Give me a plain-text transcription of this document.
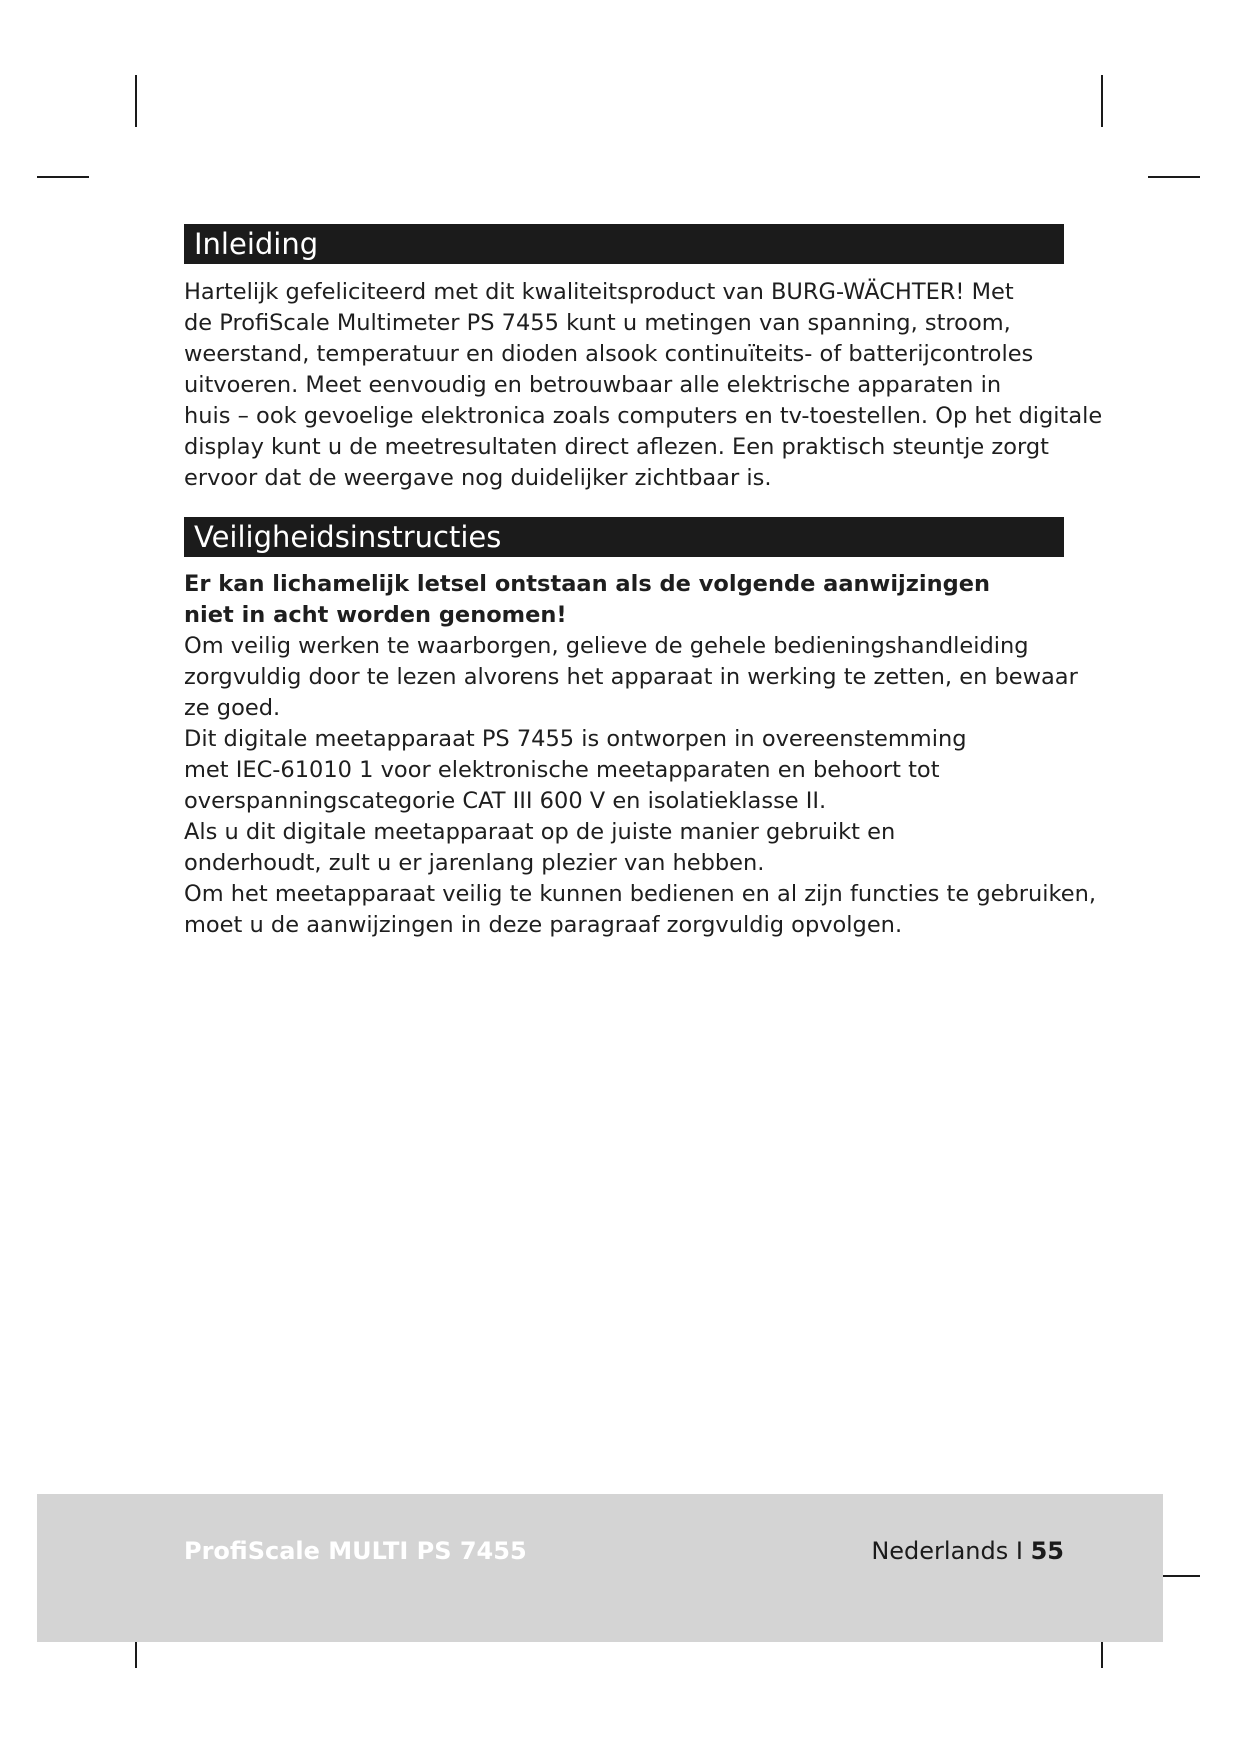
Inleiding
Hartelijk gefeliciteerd met dit kwaliteitsproduct van BURG-WÄCHTER! Met
de ProfiScale Multimeter PS 7455 kunt u metingen van spanning, stroom,
weerstand, temperatuur en dioden alsook continuïteits- of batterijcontroles
uitvoeren. Meet eenvoudig en betrouwbaar alle elektrische apparaten in
huis – ook gevoelige elektronica zoals computers en tv-toestellen. Op het digitale
display kunt u de meetresultaten direct aflezen. Een praktisch steuntje zorgt
ervoor dat de weergave nog duidelijker zichtbaar is.
Veiligheidsinstructies
Er kan lichamelijk letsel ontstaan als de volgende aanwijzingen
niet in acht worden genomen!
Om veilig werken te waarborgen, gelieve de gehele bedieningshandleiding
zorgvuldig door te lezen alvorens het apparaat in werking te zetten, en bewaar
ze goed.
Dit digitale meetapparaat PS 7455 is ontworpen in overeenstemming
met IEC-61010 1 voor elektronische meetapparaten en behoort tot
overspanningscategorie CAT III 600 V en isolatieklasse II.
Als u dit digitale meetapparaat op de juiste manier gebruikt en
onderhoudt, zult u er jarenlang plezier van hebben.
Om het meetapparaat veilig te kunnen bedienen en al zijn functies te gebruiken,
moet u de aanwijzingen in deze paragraaf zorgvuldig opvolgen.
ProfiScale MULTI PS 7455	Nederlands I 55
